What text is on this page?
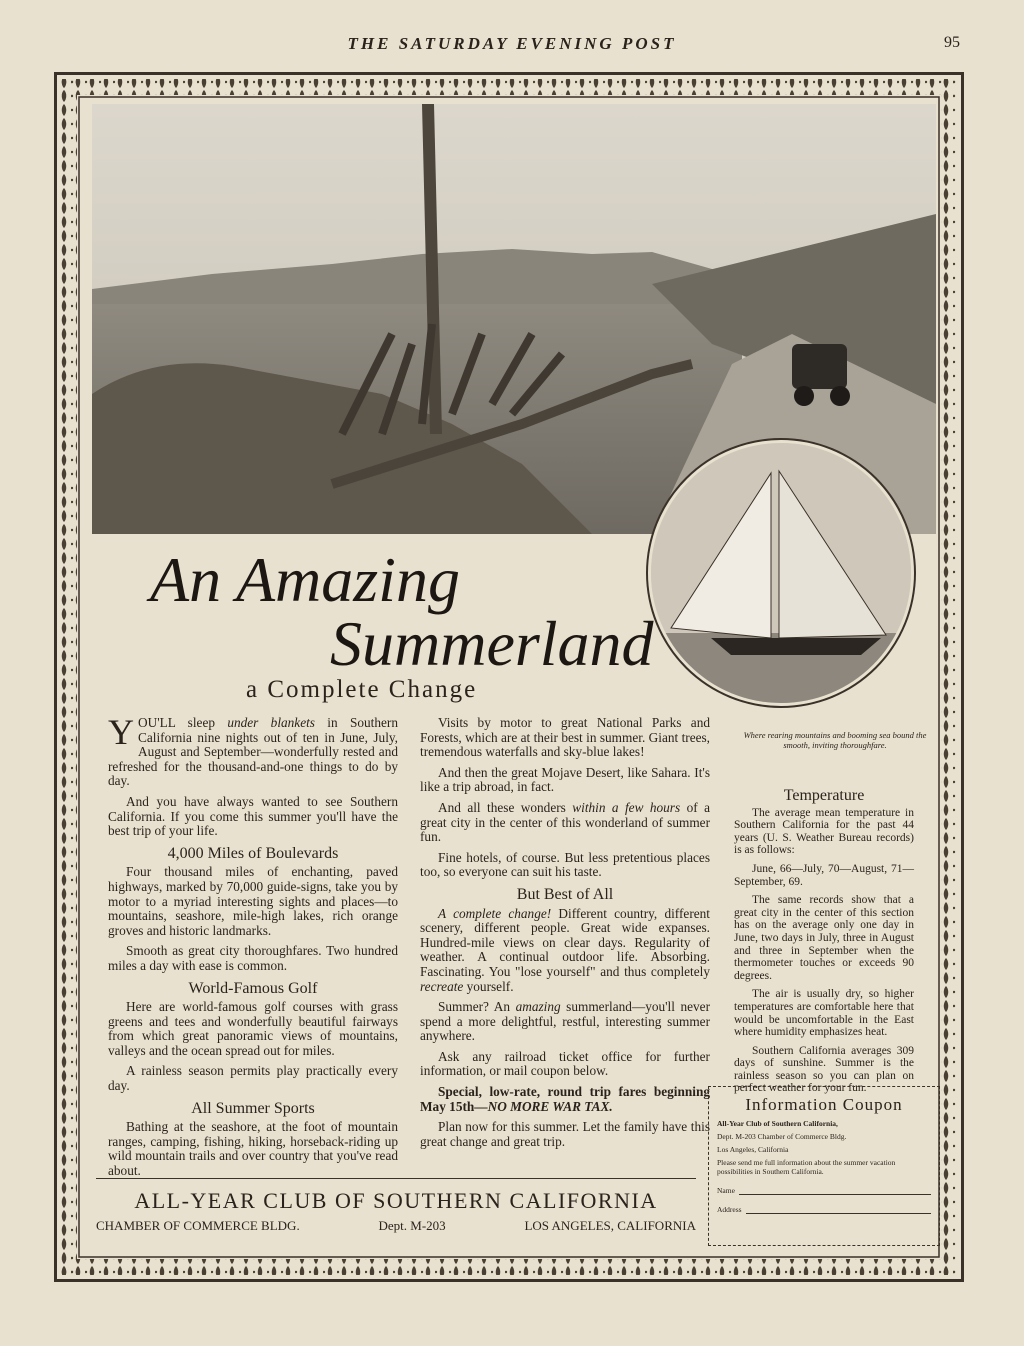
THE SATURDAY EVENING POST	95
Where rearing mountains and booming sea bound the smooth, inviting thoroughfare.
An Amazing
Summerland
a Complete Change

YOU'LL sleep under blankets in Southern California nine nights out of ten in June, July, August and September—wonderfully rested and refreshed for the thousand-and-one things to do by day.

And you have always wanted to see Southern California. If you come this summer you'll have the best trip of your life.

4,000 Miles of Boulevards

Four thousand miles of enchanting, paved highways, marked by 70,000 guide-signs, take you by motor to a myriad interesting sights and places—to mountains, seashore, mile-high lakes, rich orange groves and historic landmarks.

Smooth as great city thoroughfares. Two hundred miles a day with ease is common.

World-Famous Golf

Here are world-famous golf courses with grass greens and tees and wonderfully beautiful fairways from which great panoramic views of mountains, valleys and the ocean spread out for miles.

A rainless season permits play practically every day.

All Summer Sports

Bathing at the seashore, at the foot of mountain ranges, camping, fishing, hiking, horseback-riding up wild mountain trails and over country that you've read about.

Visits by motor to great National Parks and Forests, which are at their best in summer. Giant trees, tremendous waterfalls and sky-blue lakes!

And then the great Mojave Desert, like Sahara. It's like a trip abroad, in fact.

And all these wonders within a few hours of a great city in the center of this wonderland of summer fun.

Fine hotels, of course. But less pretentious places too, so everyone can suit his taste.

But Best of All

A complete change! Different country, different scenery, different people. Great wide expanses. Hundred-mile views on clear days. Regularity of weather. A continual outdoor life. Absorbing. Fascinating. You "lose yourself" and thus completely recreate yourself.

Summer? An amazing summerland—you'll never spend a more delightful, restful, interesting summer anywhere.

Ask any railroad ticket office for further information, or mail coupon below.

Special, low-rate, round trip fares beginning May 15th—NO MORE WAR TAX.

Plan now for this summer. Let the family have this great change and great trip.

Temperature

The average mean temperature in Southern California for the past 44 years (U. S. Weather Bureau records) is as follows:

June, 66—July, 70—August, 71—September, 69.

The same records show that a great city in the center of this section has on the average only one day in June, two days in July, three in August and three in September when the thermometer touches or exceeds 90 degrees.

The air is usually dry, so higher temperatures are comfortable here that would be uncomfortable in the East where humidity emphasizes heat.

Southern California averages 309 days of sunshine. Summer is the rainless season so you can plan on perfect weather for your fun.

ALL-YEAR CLUB OF SOUTHERN CALIFORNIA
CHAMBER OF COMMERCE BLDG.	Dept. M-203	LOS ANGELES, CALIFORNIA
Information Coupon
All-Year Club of Southern California,
Dept. M-203 Chamber of Commerce Bldg.
Los Angeles, California
Please send me full information about the summer vacation possibilities in Southern California.
Name
Address
